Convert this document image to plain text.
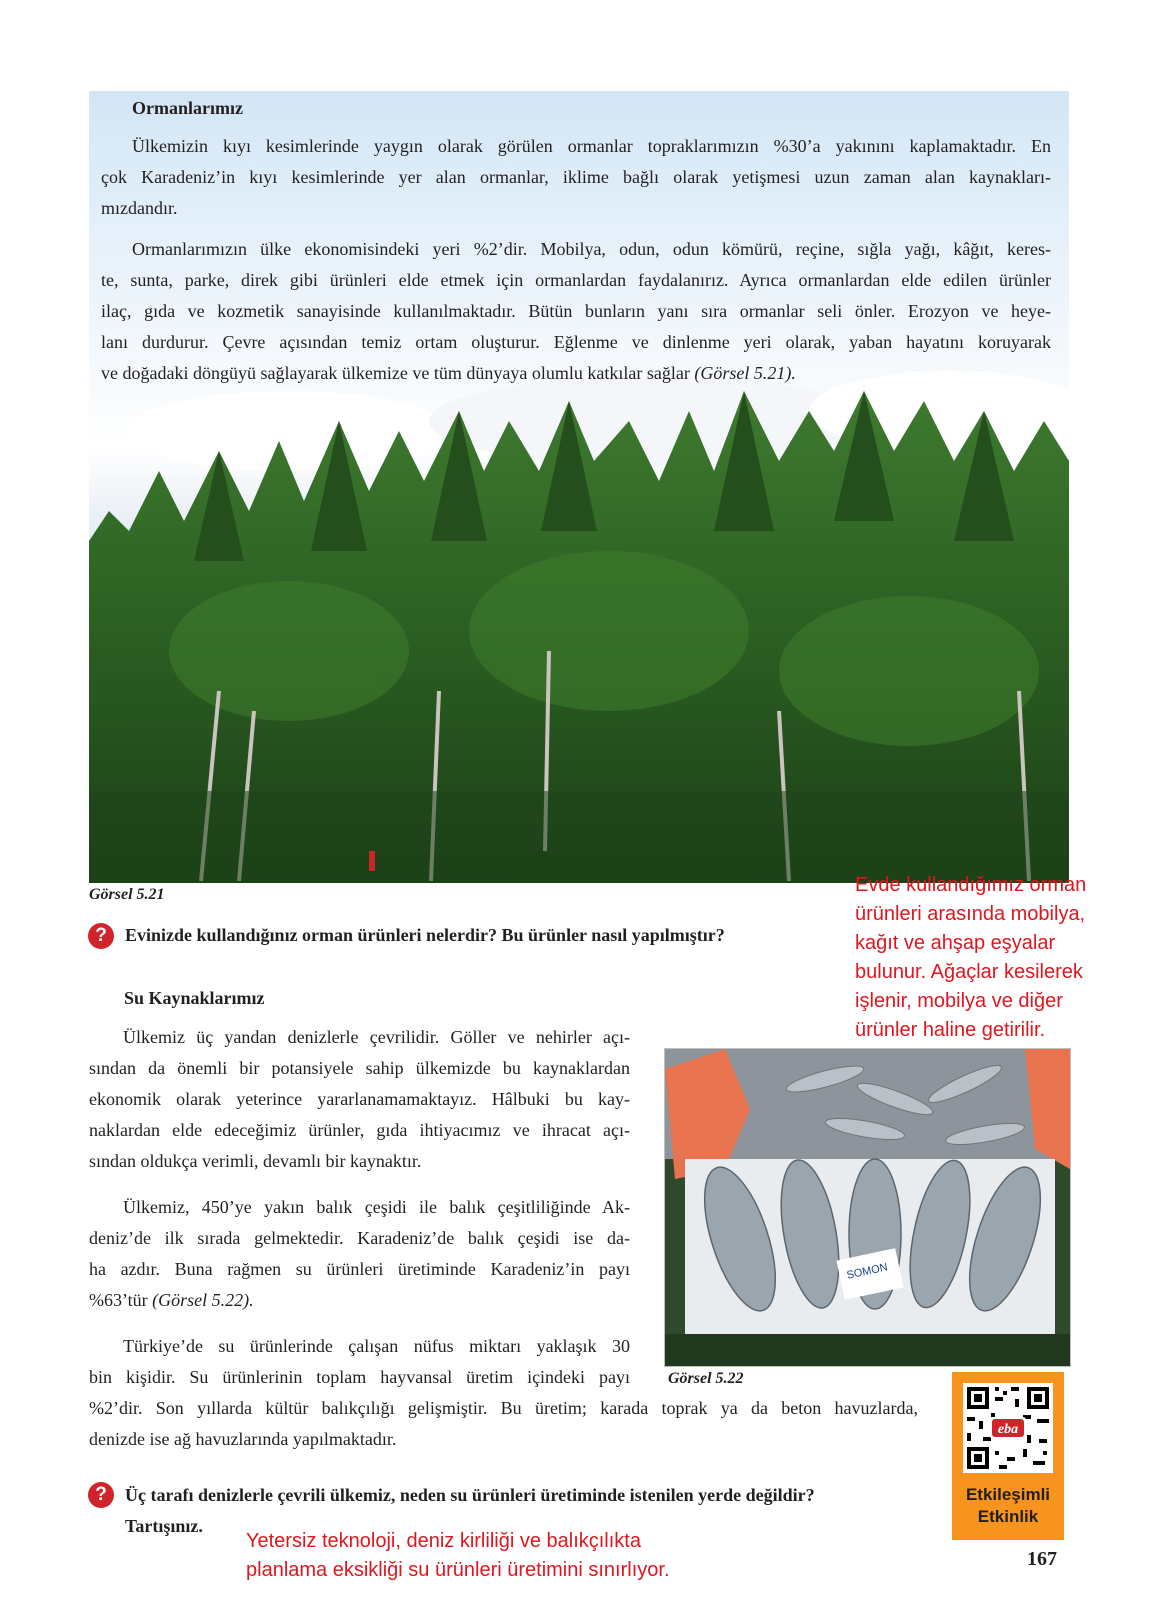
Ormanlarımız
Ülkemizin kıyı kesimlerinde yaygın olarak görülen ormanlar topraklarımızın %30’a yakınını kaplamaktadır. En
çok Karadeniz’in kıyı kesimlerinde yer alan ormanlar, iklime bağlı olarak yetişmesi uzun zaman alan kaynakları-
mızdandır.
Ormanlarımızın ülke ekonomisindeki yeri %2’dir. Mobilya, odun, odun kömürü, reçine, sığla yağı, kâğıt, keres-
te, sunta, parke, direk gibi ürünleri elde etmek için ormanlardan faydalanırız. Ayrıca ormanlardan elde edilen ürünler
ilaç, gıda ve kozmetik sanayisinde kullanılmaktadır. Bütün bunların yanı sıra ormanlar seli önler. Erozyon ve heye-
lanı durdurur. Çevre açısından temiz ortam oluşturur. Eğlenme ve dinlenme yeri olarak, yaban hayatını koruyarak
ve doğadaki döngüyü sağlayarak ülkemize ve tüm dünyaya olumlu katkılar sağlar (Görsel 5.21).
Görsel 5.21
?	Evinizde kullandığınız orman ürünleri nelerdir? Bu ürünler nasıl yapılmıştır?
Evde kullandığımız orman
ürünleri arasında mobilya,
kağıt ve ahşap eşyalar
bulunur. Ağaçlar kesilerek
işlenir, mobilya ve diğer
ürünler haline getirilir.
Su Kaynaklarımız
Ülkemiz üç yandan denizlerle çevrilidir. Göller ve nehirler açı-
sından da önemli bir potansiyele sahip ülkemizde bu kaynaklardan
ekonomik olarak yeterince yararlanamamaktayız. Hâlbuki bu kay-
naklardan elde edeceğimiz ürünler, gıda ihtiyacımız ve ihracat açı-
sından oldukça verimli, devamlı bir kaynaktır.
Ülkemiz, 450’ye yakın balık çeşidi ile balık çeşitliliğinde Ak-
deniz’de ilk sırada gelmektedir. Karadeniz’de balık çeşidi ise da-
ha azdır. Buna rağmen su ürünleri üretiminde Karadeniz’in payı
%63’tür (Görsel 5.22).
Türkiye’de su ürünlerinde çalışan nüfus miktarı yaklaşık 30
bin kişidir. Su ürünlerinin toplam hayvansal üretim içindeki payı
%2’dir. Son yıllarda kültür balıkçılığı gelişmiştir. Bu üretim; karada toprak ya da beton havuzlarda,
denizde ise ağ havuzlarında yapılmaktadır.
SOMON
Görsel 5.22
eba
Etkileşimli
Etkinlik
?	Üç tarafı denizlerle çevrili ülkemiz, neden su ürünleri üretiminde istenilen yerde değildir?
Tartışınız.
Yetersiz teknoloji, deniz kirliliği ve balıkçılıkta
planlama eksikliği su ürünleri üretimini sınırlıyor.	167
